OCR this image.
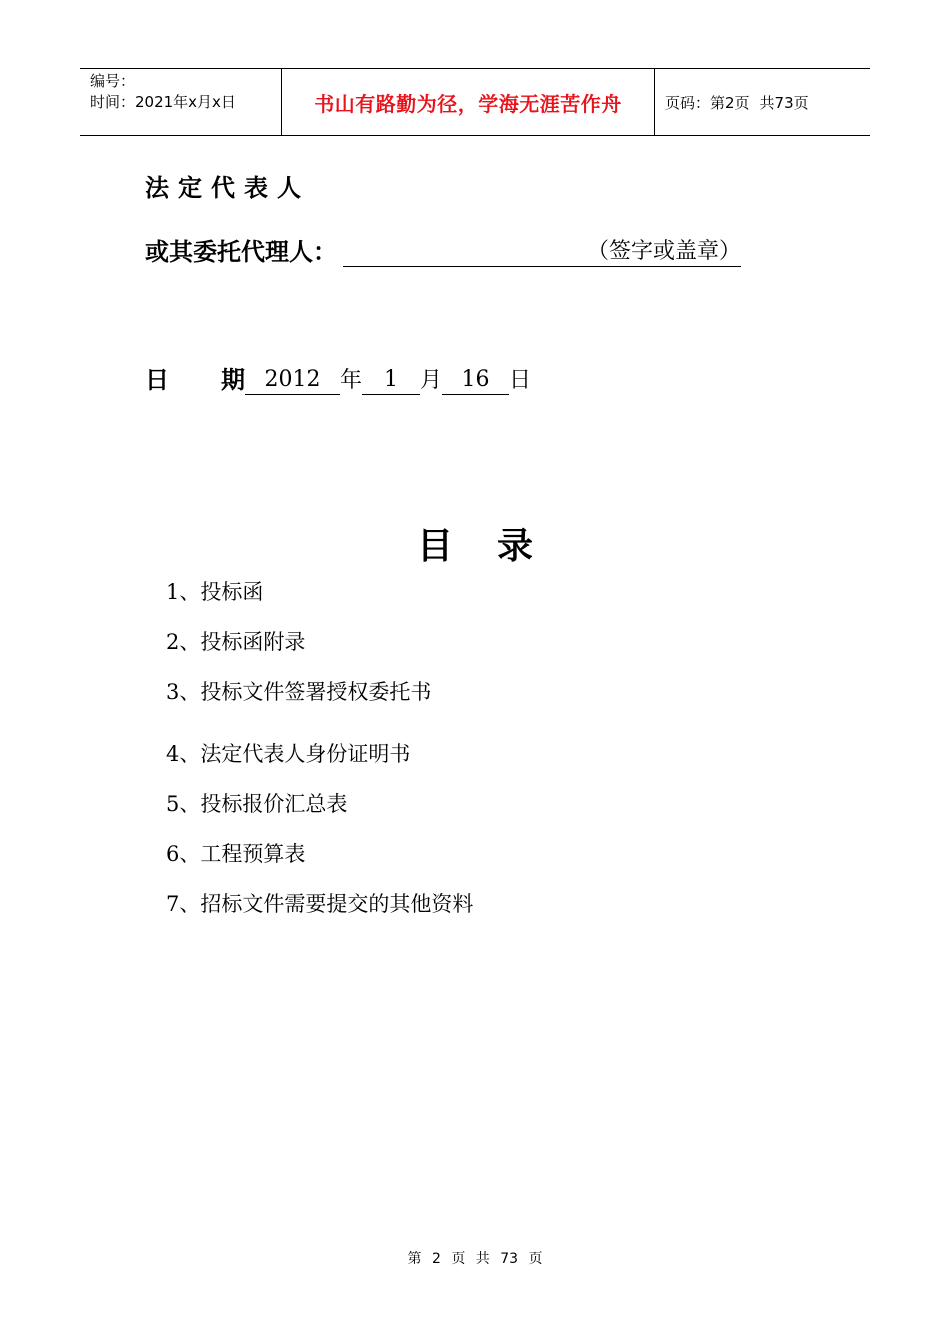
编号：
时间：2021年x月x日	书山有路勤为径，学海无涯苦作舟	页码：第2页 共73页
法定代表人
或其委托代理人：	（签字或盖章）
日 期 2012 年	1	月 16 日
目录
1、投标函
2、投标函附录
3、投标文件签署授权委托书
4、法定代表人身份证明书
5、投标报价汇总表
6、工程预算表
7、招标文件需要提交的其他资料
第 2 页 共 73 页
